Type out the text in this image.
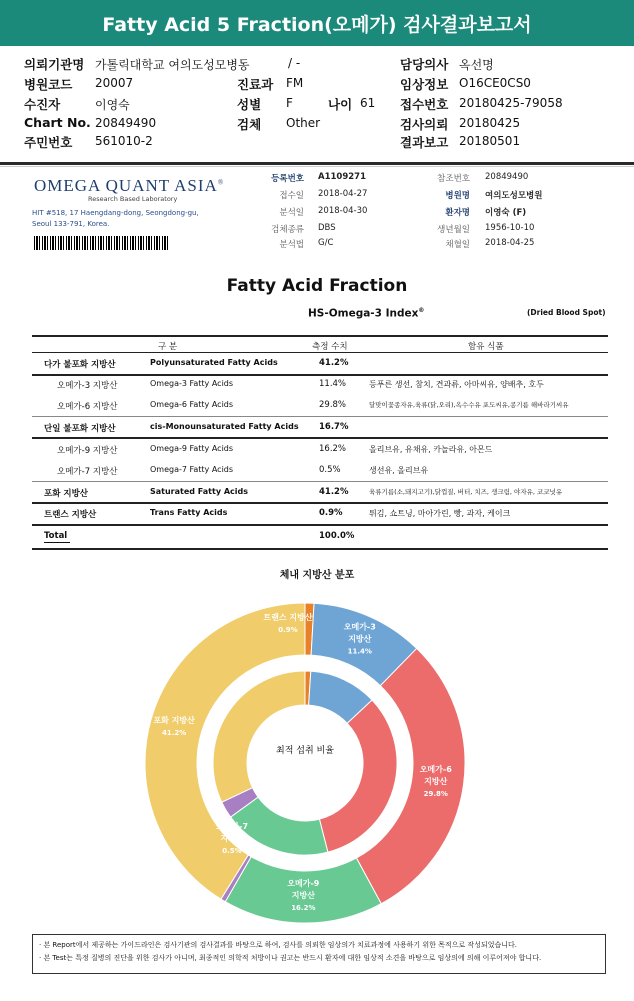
Fatty Acid 5 Fraction(오메가) 검사결과보고서
의뢰기관명 가톨릭대학교 여의도성모병동	/ -
병원코드 20007
수진자	이영숙
Chart No. 20849490
주민번호 561010-2
진료과 FM
성별 F	나이 61
검체 Other
담당의사 옥선명
임상정보 O16CE0CS0
접수번호 20180425-79058
검사의뢰 20180425
결과보고 20180501
OMEGA QUANT ASIA®
Research Based Laboratory
HIT #518, 17 Haengdang-dong, Seongdong-gu,
Seoul 133-791, Korea.
등록번호 A1109271
접수일 2018-04-27
분석일 2018-04-30
검체종류 DBS
분석법 G/C
참조번호 20849490
병원명 여의도성모병원
환자명 이영숙 (F)
생년월일 1956-10-10
채혈일 2018-04-25
Fatty Acid Fraction
HS-Omega-3 Index®	(Dried Blood Spot)
구 분	측정 수치	함유 식품
다가 불포화 지방산	Polyunsaturated Fatty Acids	41.2%
오메가-3 지방산	Omega-3 Fatty Acids	11.4%	등푸른 생선, 참치, 견과류, 아마씨유, 양배추, 호두
오메가-6 지방산	Omega-6 Fatty Acids	29.8%	달맞이꽃종자유,육류(닭,오리),옥수수유 포도씨유,콩기름 해바라기씨유
단일 불포화 지방산	cis-Monounsaturated Fatty Acids 16.7%
오메가-9 지방산	Omega-9 Fatty Acids	16.2%	올리브유, 유채유, 카놀라유, 아몬드
오메가-7 지방산	Omega-7 Fatty Acids	0.5%	생선유, 올리브유
포화 지방산	Saturated Fatty Acids	41.2%	육류기름(소,돼지고기),닭껍질, 버터, 치즈, 생크림, 야자유, 코코넛유
트랜스 지방산	Trans Fatty Acids	0.9%	튀김, 쇼트닝, 마아가린, 빵, 과자, 케이크
Total	100.0%
체내 지방산 분포
최적 섭취 비율
트랜스 지방산
0.9%	오메가-3
지방산
11.4%
오메가-6
지방산
29.8%
오메가-9
지방산
16.2%
오메가-7
지방산
0.5%
포화 지방산
41.2%
· 본 Report에서 제공하는 가이드라인은 검사기관의 검사결과를 바탕으로 하여, 검사를 의뢰한 임상의가 치료과정에 사용하기 위한 목적으로 작성되었습니다.
· 본 Test는 특정 질병의 진단을 위한 검사가 아니며, 최종적인 의학적 처방이나 권고는 반드시 환자에 대한 임상적 소견을 바탕으로 임상의에 의해 이루어져야 합니다.
